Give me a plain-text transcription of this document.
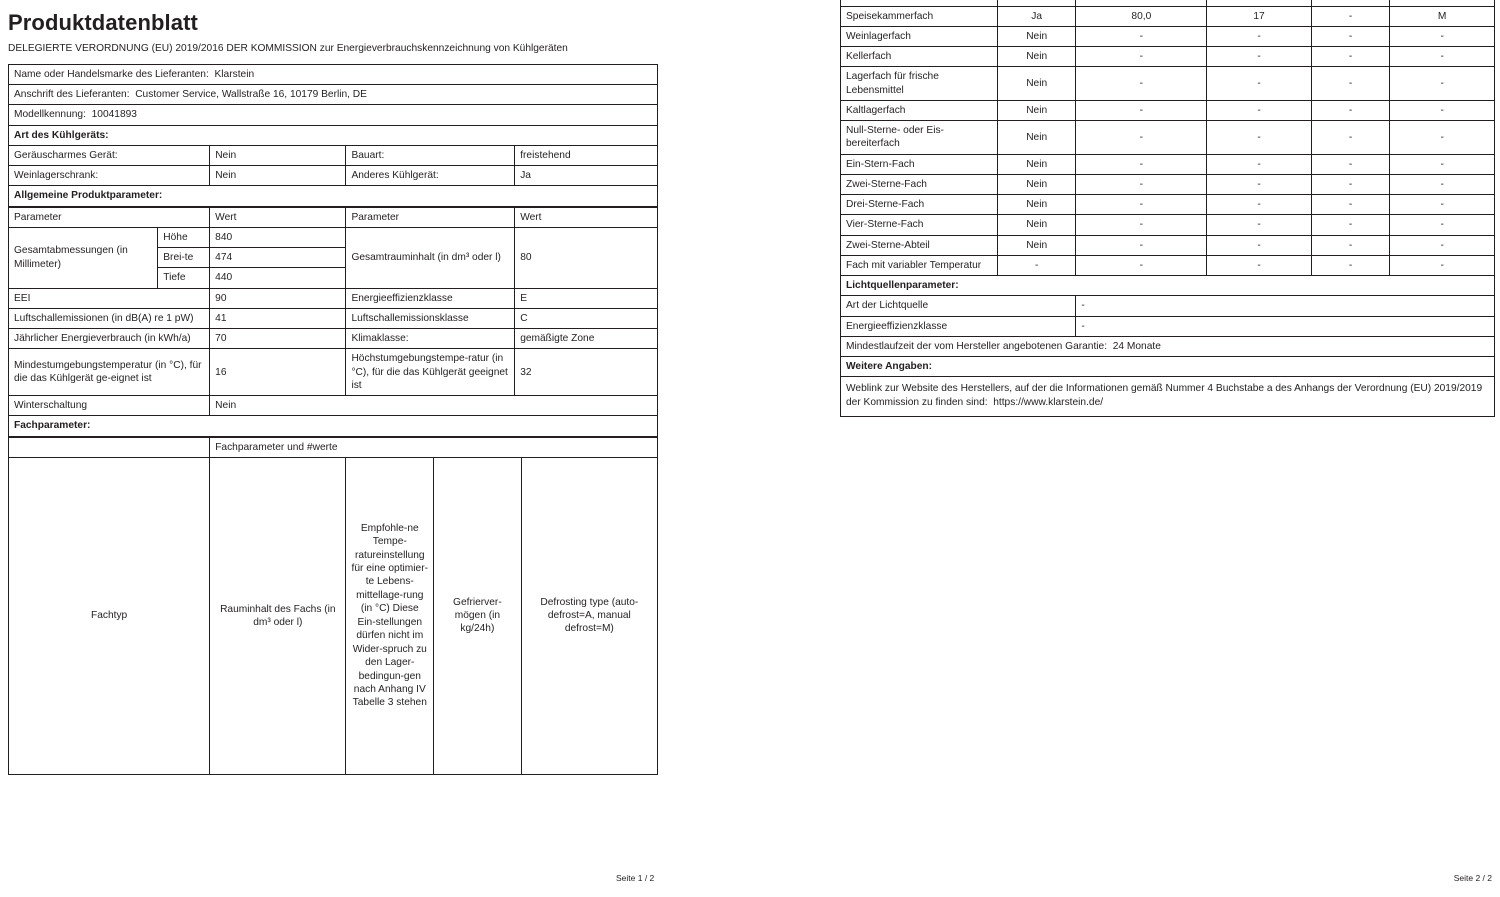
Produktdatenblatt
DELEGIERTE VERORDNUNG (EU) 2019/2016 DER KOMMISSION zur Energieverbrauchskennzeichnung von Kühlgeräten
Name oder Handelsmarke des Lieferanten: Klarstein			
Anschrift des Lieferanten: Customer Service, Wallstraße 16, 10179 Berlin, DE			
Modellkennung: 10041893			
Art des Kühlgeräts:			
Geräuscharmes Gerät:	Nein	Bauart:	freistehend
Weinlagerschrank:	Nein	Anderes Kühlgerät:	Ja
Allgemeine Produktparameter:			
Parameter		Wert	Parameter	Wert
Gesamtabmessungen (in Millimeter)	Höhe	840	Gesamtrauminhalt (in dm³ oder l)	80
	Brei-te	474		
	Tiefe	440		
EEI		90	Energieeffizienzklasse	E
Luftschallemissionen (in dB(A) re 1 pW)		41	Luftschallemissionsklasse	C
Jährlicher Energieverbrauch (in kWh/a)		70	Klimaklasse:	gemäßigte Zone
Mindestumgebungstemperatur (in °C), für die das Kühlgerät ge-eignet ist		16	Höchstumgebungstempe-ratur (in °C), für die das Kühlgerät geeignet ist	32
Winterschaltung		Nein		
Fachparameter:				
	Fachparameter und #werte			
Fachtyp	Rauminhalt des Fachs (in dm³ oder l)	Empfohle-ne Tempe-ratureinstellung für eine optimier-te Lebens-mittellage-rung (in °C) Diese Ein-stellungen dürfen nicht im Wider-spruch zu den Lager-bedingun-gen nach Anhang IV Tabelle 3 stehen	Gefrierver-mögen (in kg/24h)	Defrosting type (auto-defrost=A, manual defrost=M)
Seite 1 / 2

Speisekammerfach	Ja	80,0	17	-	M
Weinlagerfach	Nein	-	-	-	-
Kellerfach	Nein	-	-	-	-
Lagerfach für frische Lebensmittel	Nein	-	-	-	-
Kaltlagerfach	Nein	-	-	-	-
Null-Sterne- oder Eis-bereiterfach	Nein	-	-	-	-
Ein-Stern-Fach	Nein	-	-	-	-
Zwei-Sterne-Fach	Nein	-	-	-	-
Drei-Sterne-Fach	Nein	-	-	-	-
Vier-Sterne-Fach	Nein	-	-	-	-
Zwei-Sterne-Abteil	Nein	-	-	-	-
Fach mit variabler Temperatur	-	-	-	-	-
Lichtquellenparameter:					
Art der Lichtquelle		-			
Energieeffizienzklasse		-			
Mindestlaufzeit der vom Hersteller angebotenen Garantie: 24 Monate					
Weitere Angaben:					
Weblink zur Website des Herstellers, auf der die Informationen gemäß Nummer 4 Buchstabe a des Anhangs der Verordnung (EU) 2019/2019 der Kommission zu finden sind: https://www.klarstein.de/					
Seite 2 / 2
